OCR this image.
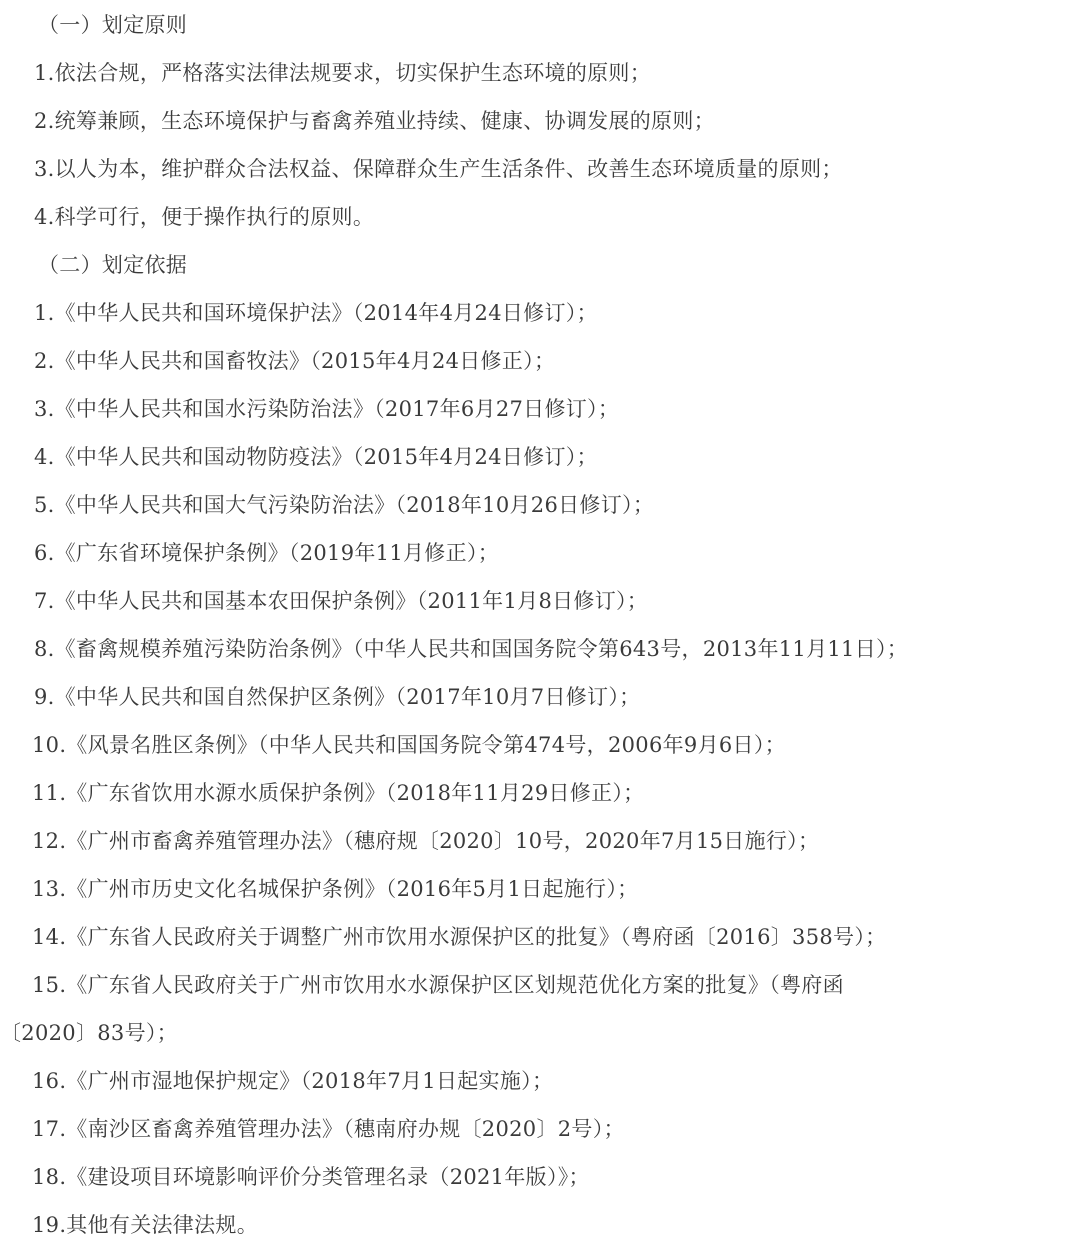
（一）划定原则
1.依法合规，严格落实法律法规要求，切实保护生态环境的原则；
2.统筹兼顾，生态环境保护与畜禽养殖业持续、健康、协调发展的原则；
3.以人为本，维护群众合法权益、保障群众生产生活条件、改善生态环境质量的原则；
4.科学可行，便于操作执行的原则。
（二）划定依据
1.《中华人民共和国环境保护法》（2014年4月24日修订）；
2.《中华人民共和国畜牧法》（2015年4月24日修正）；
3.《中华人民共和国水污染防治法》（2017年6月27日修订）；
4.《中华人民共和国动物防疫法》（2015年4月24日修订）；
5.《中华人民共和国大气污染防治法》（2018年10月26日修订）；
6.《广东省环境保护条例》（2019年11月修正）；
7.《中华人民共和国基本农田保护条例》（2011年1月8日修订）；
8.《畜禽规模养殖污染防治条例》（中华人民共和国国务院令第643号，2013年11月11日）；
9.《中华人民共和国自然保护区条例》（2017年10月7日修订）；
10.《风景名胜区条例》（中华人民共和国国务院令第474号，2006年9月6日）；
11.《广东省饮用水源水质保护条例》（2018年11月29日修正）；
12.《广州市畜禽养殖管理办法》（穗府规〔2020〕10号，2020年7月15日施行）；
13.《广州市历史文化名城保护条例》（2016年5月1日起施行）；
14.《广东省人民政府关于调整广州市饮用水源保护区的批复》（粤府函〔2016〕358号）；
15.《广东省人民政府关于广州市饮用水水源保护区区划规范优化方案的批复》（粤府函
〔2020〕83号）；
16.《广州市湿地保护规定》（2018年7月1日起实施）；
17.《南沙区畜禽养殖管理办法》（穗南府办规〔2020〕2号）；
18.《建设项目环境影响评价分类管理名录（2021年版）》；
19.其他有关法律法规。
